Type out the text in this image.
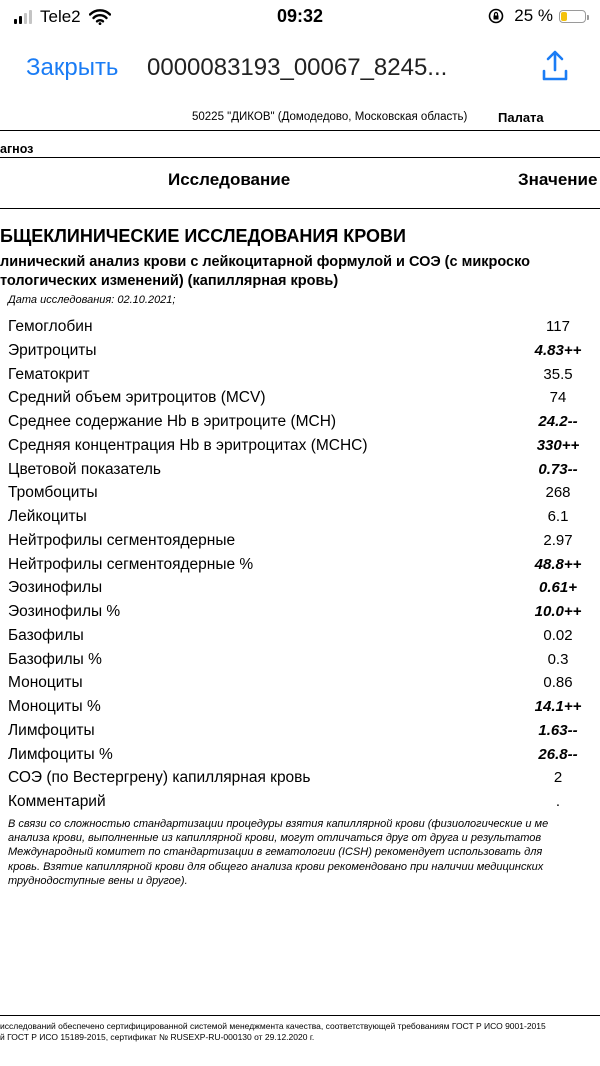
Tele2	09:32	25 %
Закрыть 0000083193_00067_8245...
50225 "ДИКОВ" (Домодедово, Московская область) Палата
агноз
Исследование	Значение
БЩЕКЛИНИЧЕСКИЕ ИССЛЕДОВАНИЯ КРОВИ
линический анализ крови с лейкоцитарной формулой и СОЭ (с микроско
тологических изменений) (капиллярная кровь)
Дата исследования: 02.10.2021;
Гемоглобин	117
Эритроциты	4.83++
Гематокрит	35.5
Средний объем эритроцитов (MCV)	74
Среднее содержание Hb в эритроците (MCH)	24.2--
Средняя концентрация Hb в эритроцитах (MCHC)	330++
Цветовой показатель	0.73--
Тромбоциты	268
Лейкоциты	6.1
Нейтрофилы сегментоядерные	2.97
Нейтрофилы сегментоядерные %	48.8++
Эозинофилы	0.61+
Эозинофилы %	10.0++
Базофилы	0.02
Базофилы %	0.3
Моноциты	0.86
Моноциты %	14.1++
Лимфоциты	1.63--
Лимфоциты %	26.8--
СОЭ (по Вестергрену) капиллярная кровь	2
Комментарий	.
В связи со сложностью стандартизации процедуры взятия капиллярной крови (физиологические и ме
анализа крови, выполненные из капиллярной крови, могут отличаться друг от друга и результатов
Международный комитет по стандартизации в гематологии (ICSH) рекомендует использовать для
кровь. Взятие капиллярной крови для общего анализа крови рекомендовано при наличии медицинских
труднодоступные вены и другое).
исследований обеспечено сертифицированной системой менеджмента качества, соответствующей требованиям ГОСТ Р ИСО 9001-2015
й ГОСТ Р ИСО 15189-2015, сертификат № RUSEXP-RU-000130 от 29.12.2020 г.
